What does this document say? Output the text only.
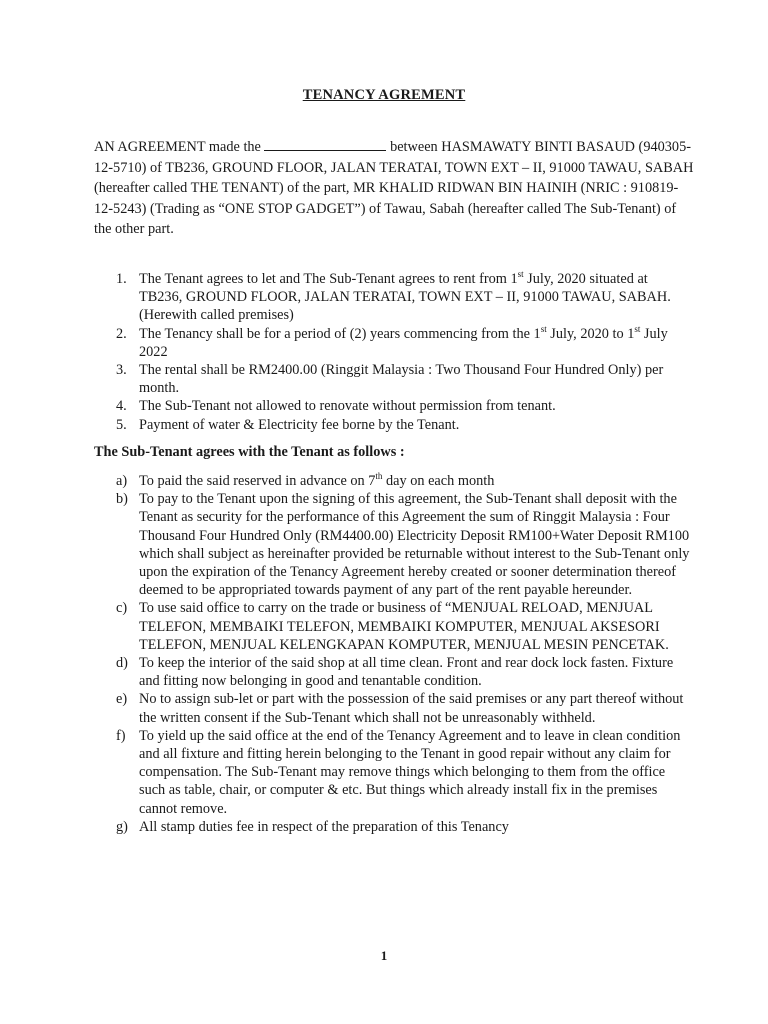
TENANCY AGREMENT
AN AGREEMENT made the	between HASMAWATY BINTI BASAUD (940305-12-5710) of TB236, GROUND FLOOR, JALAN TERATAI, TOWN EXT – II, 91000 TAWAU, SABAH (hereafter called THE TENANT) of the part, MR KHALID RIDWAN BIN HAINIH (NRIC : 910819-12-5243) (Trading as “ONE STOP GADGET”) of Tawau, Sabah (hereafter called The Sub-Tenant) of the other part.
1. The Tenant agrees to let and The Sub-Tenant agrees to rent from 1st July, 2020 situated at TB236, GROUND FLOOR, JALAN TERATAI, TOWN EXT – II, 91000 TAWAU, SABAH. (Herewith called premises)
2. The Tenancy shall be for a period of (2) years commencing from the 1st July, 2020 to 1st July 2022
3. The rental shall be RM2400.00 (Ringgit Malaysia : Two Thousand Four Hundred Only) per month.
4. The Sub-Tenant not allowed to renovate without permission from tenant.
5. Payment of water & Electricity fee borne by the Tenant.
The Sub-Tenant agrees with the Tenant as follows :
a) To paid the said reserved in advance on 7th day on each month
b) To pay to the Tenant upon the signing of this agreement, the Sub-Tenant shall deposit with the Tenant as security for the performance of this Agreement the sum of Ringgit Malaysia : Four Thousand Four Hundred Only (RM4400.00) Electricity Deposit RM100+Water Deposit RM100 which shall subject as hereinafter provided be returnable without interest to the Sub-Tenant only upon the expiration of the Tenancy Agreement hereby created or sooner determination thereof deemed to be appropriated towards payment of any part of the rent payable hereunder.
c) To use said office to carry on the trade or business of “MENJUAL RELOAD, MENJUAL TELEFON, MEMBAIKI TELEFON, MEMBAIKI KOMPUTER, MENJUAL AKSESORI TELEFON, MENJUAL KELENGKAPAN KOMPUTER, MENJUAL MESIN PENCETAK.
d) To keep the interior of the said shop at all time clean. Front and rear dock lock fasten. Fixture and fitting now belonging in good and tenantable condition.
e) No to assign sub-let or part with the possession of the said premises or any part thereof without the written consent if the Sub-Tenant which shall not be unreasonably withheld.
f) To yield up the said office at the end of the Tenancy Agreement and to leave in clean condition and all fixture and fitting herein belonging to the Tenant in good repair without any claim for compensation. The Sub-Tenant may remove things which belonging to them from the office such as table, chair, or computer & etc. But things which already install fix in the premises cannot remove.
g) All stamp duties fee in respect of the preparation of this Tenancy
1
